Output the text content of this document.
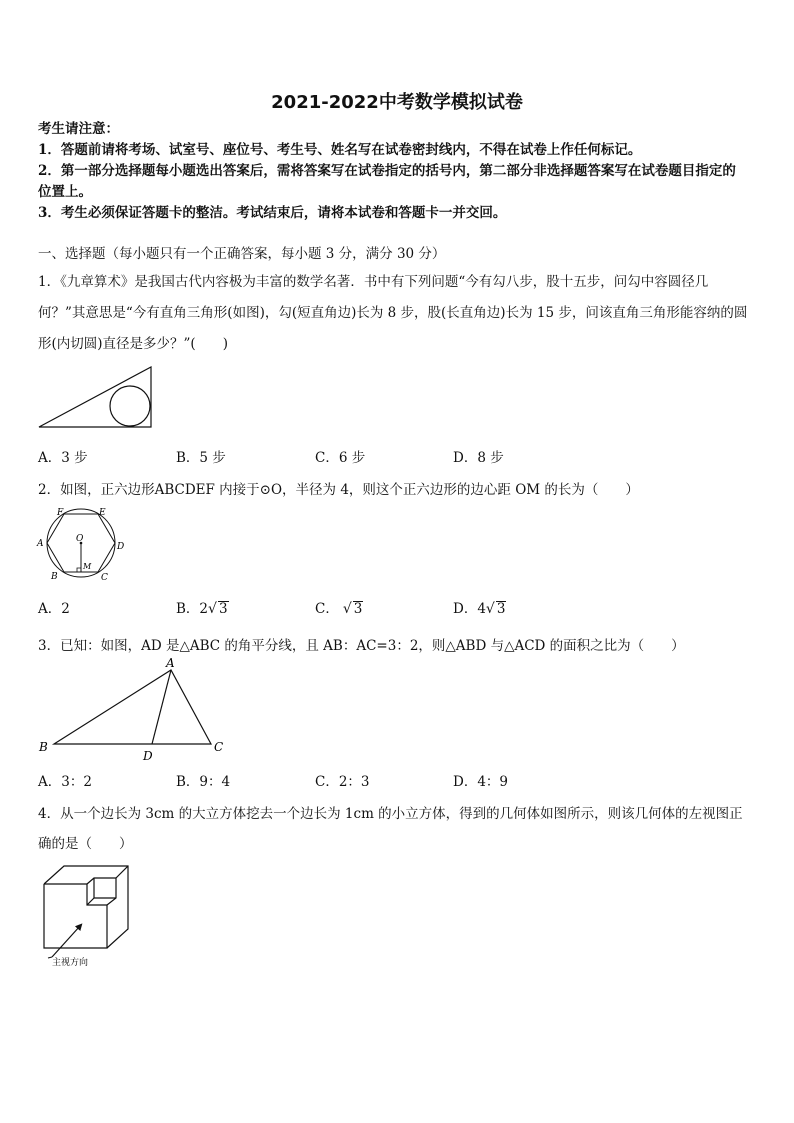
2021-2022中考数学模拟试卷
考生请注意：
1．答题前请将考场、试室号、座位号、考生号、姓名写在试卷密封线内，不得在试卷上作任何标记。
2．第一部分选择题每小题选出答案后，需将答案写在试卷指定的括号内，第二部分非选择题答案写在试卷题目指定的
位置上。
3．考生必须保证答题卡的整洁。考试结束后，请将本试卷和答题卡一并交回。
一、选择题（每小题只有一个正确答案，每小题 3 分，满分 30 分）
1．《九章算术》是我国古代内容极为丰富的数学名著．书中有下列问题“今有勾八步，股十五步，问勾中容圆径几
何？”其意思是“今有直角三角形(如图)，勾(短直角边)长为 8 步，股(长直角边)长为 15 步，问该直角三角形能容纳的圆
形(内切圆)直径是多少？”(　　)
A．3 步	B．5 步	C．6 步	D．8 步
2．如图，正六边形ABCDEF 内接于⊙O，半径为 4，则这个正六边形的边心距 OM 的长为（　　）
A
F	E
D
C
B
O
M
A．2	B．2√ 3	C． √ 3	D．4√ 3
3．已知：如图，AD 是△ABC 的角平分线，且 AB：AC=3：2，则△ABD 与△ACD 的面积之比为（　　）
A
B	C
D
A．3：2	B．9：4	C．2：3	D．4：9
4．从一个边长为 3cm 的大立方体挖去一个边长为 1cm 的小立方体，得到的几何体如图所示，则该几何体的左视图正
确的是（　　）
主视方向
